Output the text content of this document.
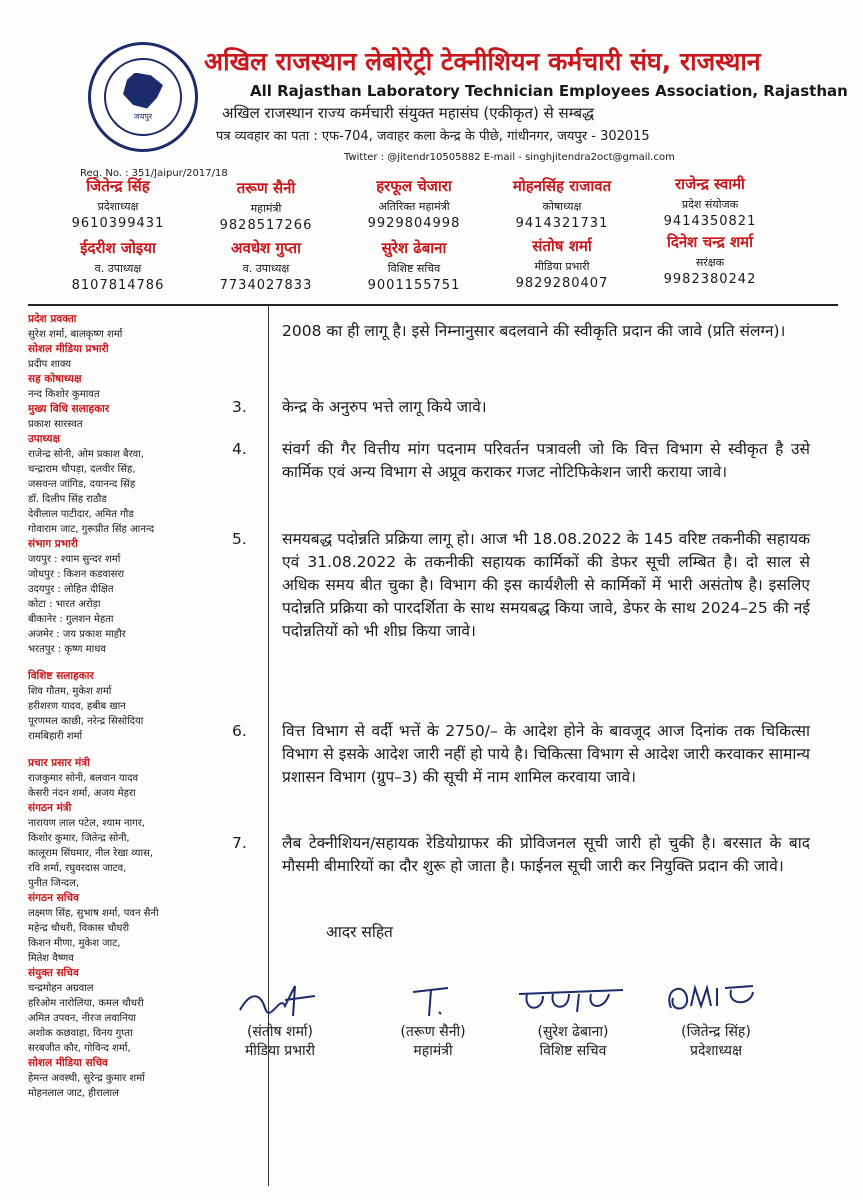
जयपुर
Reg. No. : 351/Jaipur/2017/18
अखिल राजस्थान लेबोरेट्री टेक्नीशियन कर्मचारी संघ, राजस्थान
All Rajasthan Laboratory Technician Employees Association, Rajasthan
अखिल राजस्थान राज्य कर्मचारी संयुक्त महासंघ (एकीकृत) से सम्बद्ध
पत्र व्यवहार का पता : एफ-704, जवाहर कला केन्द्र के पीछे, गांधीनगर, जयपुर - 302015
Twitter : @jitendr10505882 E-mail - singhjitendra2oct@gmail.com
जितेन्द्र सिंह
प्रदेशाध्यक्ष
9610399431
तरूण सैनी
महामंत्री
9828517266
हरफूल चेजारा
अतिरिक्त महामंत्री
9929804998
मोहनसिंह राजावत
कोषाध्यक्ष
9414321731
राजेन्द्र स्वामी
प्रदेश संयोजक
9414350821
ईदरीश जोइया
व. उपाध्यक्ष
8107814786
अवधेश गुप्ता
व. उपाध्यक्ष
7734027833
सुरेश ढेबाना
विशिष्ट सचिव
9001155751
संतोष शर्मा
मीडिया प्रभारी
9829280407
दिनेश चन्द्र शर्मा
सरंक्षक
9982380242
प्रदेश प्रवक्ता
सुरेश शर्मा, बालकृष्ण शर्मा
सोशल मीडिया प्रभारी
प्रदीप शाक्य
सह कोषाध्यक्ष
नन्द किशोर कुमावत
मुख्य विधि सलाहकार
प्रकाश सारस्वत
उपाध्यक्ष
राजेन्द्र सोनी, ओम प्रकाश बैरवा,
चन्द्राराम चौपड़ा, दलवीर सिंह,
जसवन्त जांगिड, दयानन्द सिंह
डॉ. दिलीप सिंह राठौड
देवीलाल पाटीदार, अमित गौड
गोवाराम जाट, गुरूप्रीत सिंह आनन्द
संभाग प्रभारी
जयपुर : श्याम सुन्दर शर्मा
जोधपुर : किशन कडवासरा
उदयपुर : लोहित दीक्षित
कोटा : भारत अरोड़ा
बीकानेर : गुलशन मेहता
अजमेर : जय प्रकाश माहौर
भरतपुर : कृष्ण माधव
विशिष्ट सलाहकार
शिव गौतम, मुकेश शर्मा
हरीशरण यादव, हबीब खान
पूरणमल काछी, नरेन्द्र सिसोदिया
रामबिहारी शर्मा
प्रचार प्रसार मंत्री
राजकुमार सोनी, बलवान यादव
केसरी नंदन शर्मा, अजय मेहरा
संगठन मंत्री
नारायण लाल पटेल, श्याम नागर,
किशोर कुमार, जितेन्द्र सोनी,
कालूराम सिंघमार, नील रेखा व्यास,
रवि शर्मा, रघुवरदास जाटव,
पुनीत जिन्दल,
संगठन सचिव
लक्ष्मण सिंह, सुभाष शर्मा, पवन सैनी
महेन्द्र चौधरी, विकास चौधरी
किशन मीणा, मुकेश जाट,
मितेश वैष्णव
संयुक्त सचिव
चन्द्रमोहन अग्रवाल
हरिओम नारोलिया, कमल चौधरी
अमित उपवन, नीरज लवानिया
अशोक कछवाहा, विनय गुप्ता
सरबजीत कौर, गोविन्द शर्मा,
सोशल मीडिया सचिव
हेमन्त अवस्थी, सुरेन्द्र कुमार शर्मा
मोहनलाल जाट, हीरालाल
2008 का ही लागू है। इसे निम्नानुसार बदलवाने की स्वीकृति प्रदान की जावे (प्रति संलग्न)।
3.	केन्द्र के अनुरुप भत्ते लागू किये जावे।
4.	संवर्ग की गैर वित्तीय मांग पदनाम परिवर्तन पत्रावली जो कि वित्त विभाग से स्वीकृत है उसे कार्मिक एवं अन्य विभाग से अप्रूव कराकर गजट नोटिफिकेशन जारी कराया जावे।
5.	समयबद्ध पदोन्नति प्रक्रिया लागू हो। आज भी 18.08.2022 के 145 वरिष्ट तकनीकी सहायक एवं 31.08.2022 के तकनीकी सहायक कार्मिकों की डेफर सूची लम्बित है। दो साल से अधिक समय बीत चुका है। विभाग की इस कार्यशैली से कार्मिकों में भारी असंतोष है। इसलिए पदोन्नति प्रक्रिया को पारदर्शिता के साथ समयबद्ध किया जावे, डेफर के साथ 2024–25 की नई पदोन्नतियों को भी शीघ्र किया जावे।
6.	वित्त विभाग से वर्दी भत्तें के 2750/– के आदेश होने के बावजूद आज दिनांक तक चिकित्सा विभाग से इसके आदेश जारी नहीं हो पाये है। चिकित्सा विभाग से आदेश जारी करवाकर सामान्य प्रशासन विभाग (ग्रुप–3) की सूची में नाम शामिल करवाया जावे।
7.	लैब टेक्नीशियन/सहायक रेडियोग्राफर की प्रोविजनल सूची जारी हो चुकी है। बरसात के बाद मौसमी बीमारियों का दौर शुरू हो जाता है। फाईनल सूची जारी कर नियुक्ति प्रदान की जावे।
आदर सहित
(संतोष शर्मा)
मीडिया प्रभारी
(तरूण सैनी)
महामंत्री
(सुरेश ढेबाना)
विशिष्ट सचिव
(जितेन्द्र सिंह)
प्रदेशाध्यक्ष
